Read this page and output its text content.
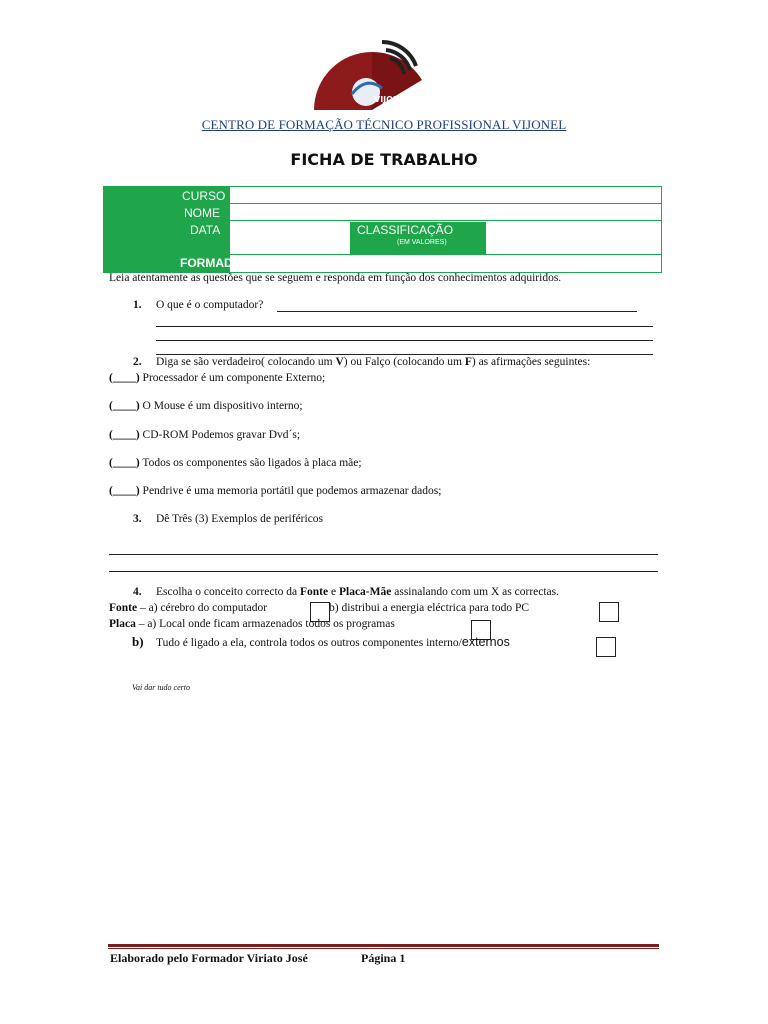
VIJONEL
CENTRO DE FORMAÇÃO TÉCNICO PROFISSIONAL VIJONEL
FICHA DE TRABALHO
CURSO
NOME
DATA
FORMADOR
CLASSIFICAÇÃO
(EM VALORES)
Leia atentamente as questões que se seguem e responda em função dos conhecimentos adquiridos.
1. O que é o computador?
2. Diga se são verdadeiro( colocando um V) ou Falço (colocando um F) as afirmações seguintes:
(____) Processador é um componente Externo;
(____) O Mouse é um dispositivo interno;
(____) CD-ROM Podemos gravar Dvd´s;
(____) Todos os componentes são ligados à placa mãe;
(____) Pendrive é uma memoria portátil que podemos armazenar dados;
3. Dê Três (3) Exemplos de periféricos
4. Escolha o conceito correcto da Fonte e Placa-Mãe assinalando com um X as correctas.
Fonte – a) cérebro do computador	b) distribui a energia eléctrica para todo PC
Placa – a) Local onde ficam armazenados todos os programas
b) Tudo é ligado a ela, controla todos os outros componentes interno/externos
Vai dar tudo certo
Elaborado pelo Formador Viriato José	Página 1
